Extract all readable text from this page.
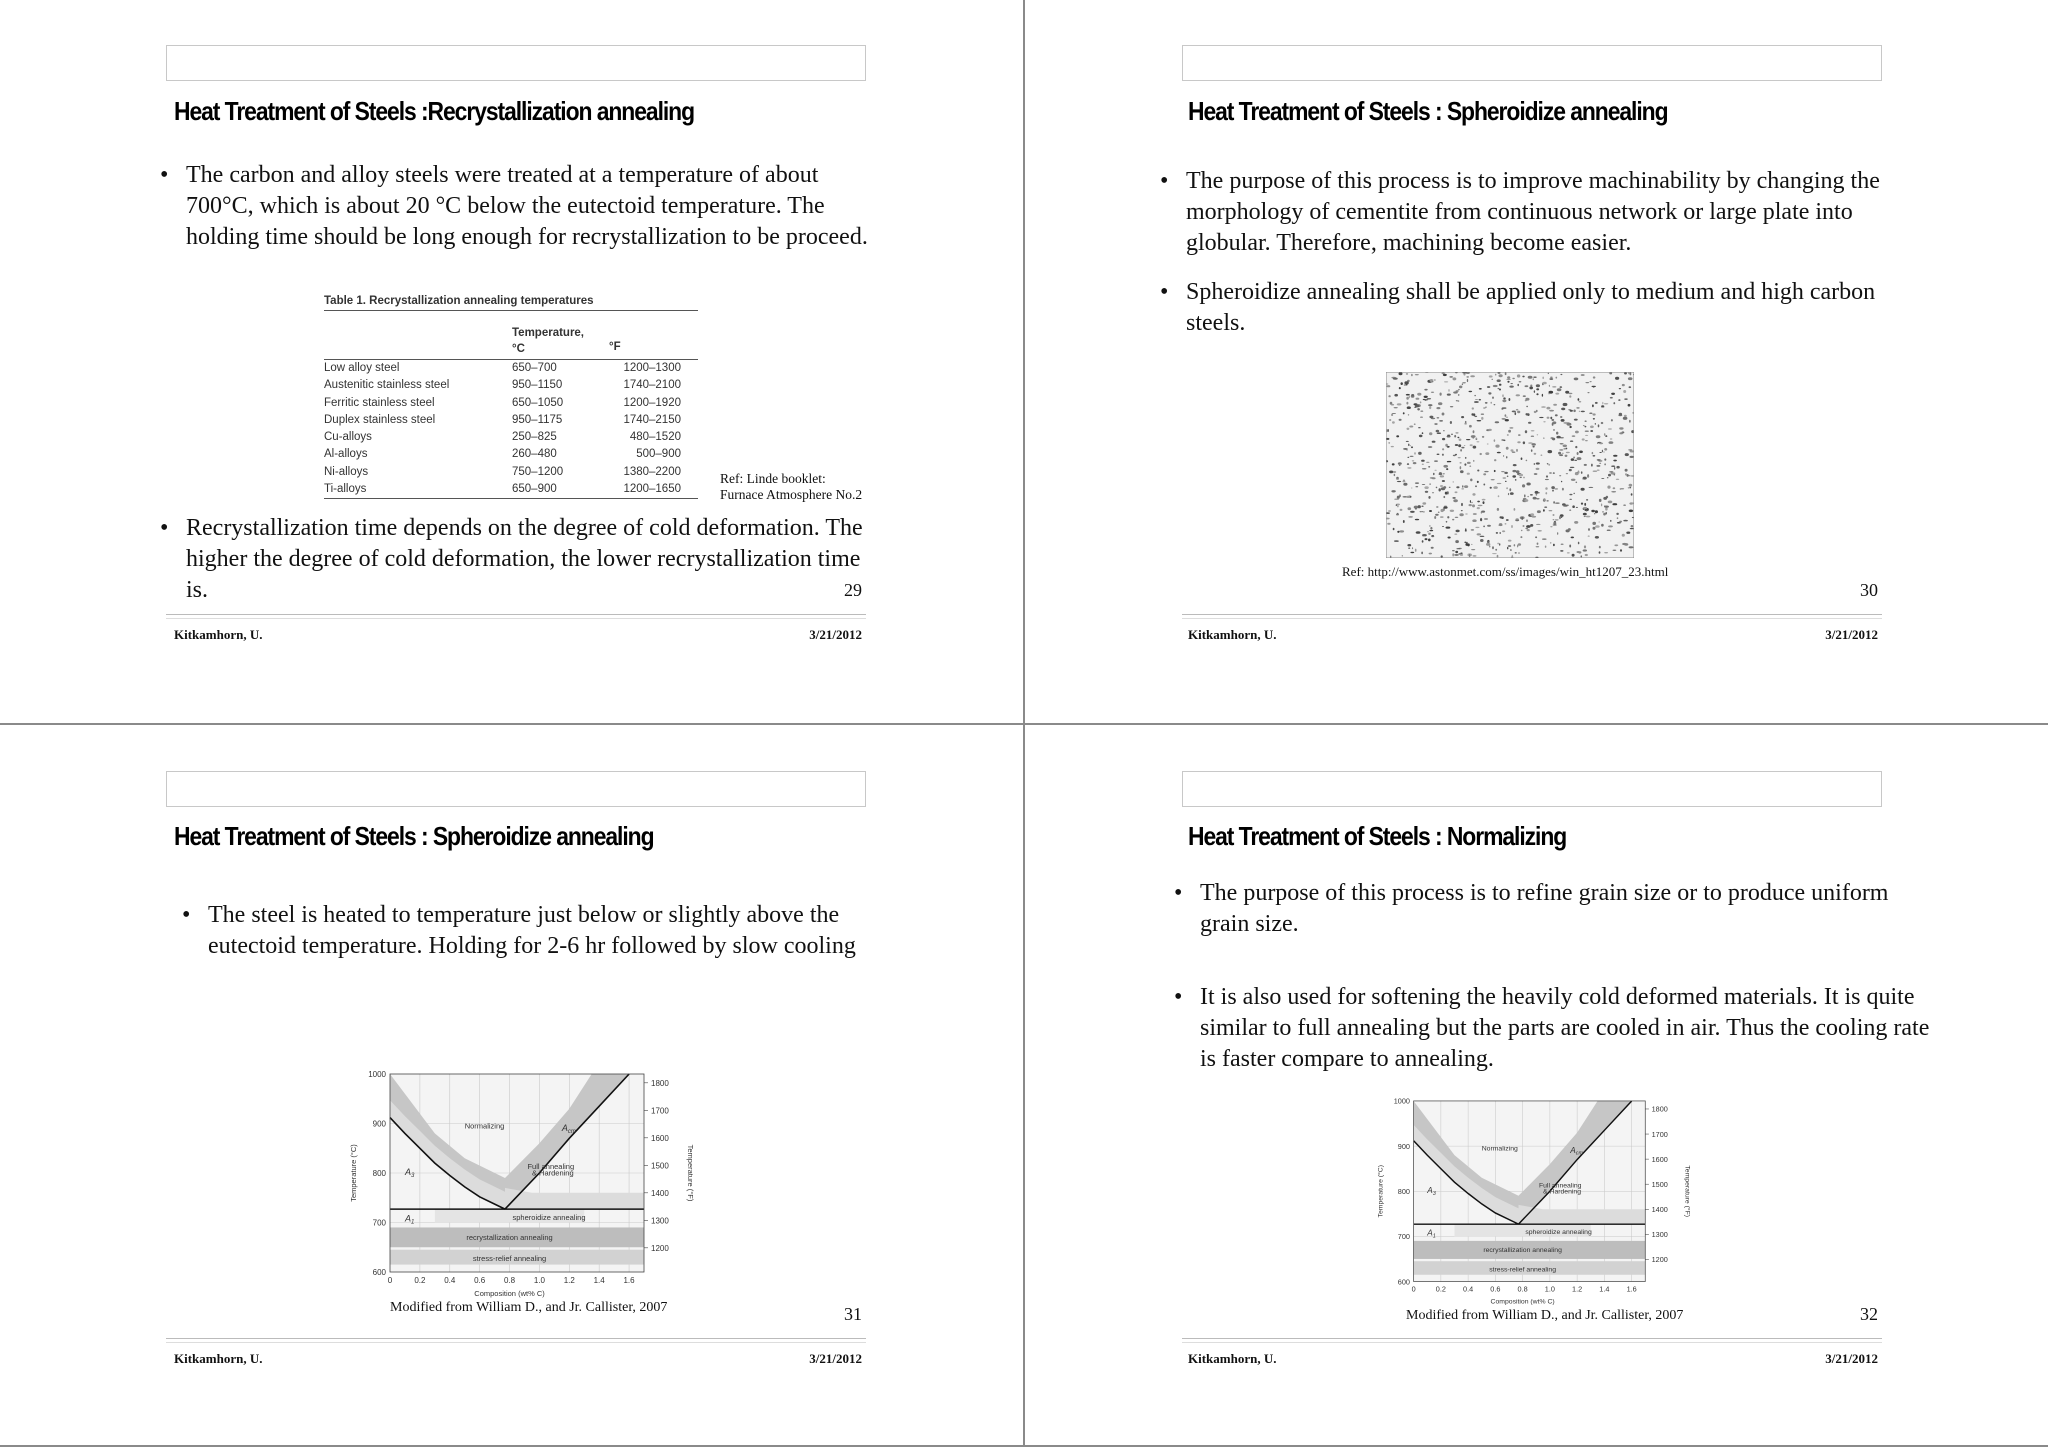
Heat Treatment of Steels :Recrystallization annealing
• The carbon and alloy steels were treated at a temperature of about 700°C, which is about 20 °C below the eutectoid temperature. The holding time should be long enough for recrystallization to be proceed.
• Recrystallization time depends on the degree of cold deformation. The higher the degree of cold deformation, the lower recrystallization time is.
Table 1. Recrystallization annealing temperatures
Temperature,
°C	°F
Low alloy steel	650–700	1200–1300
Austenitic stainless steel	950–1150	1740–2100
Ferritic stainless steel	650–1050	1200–1920
Duplex stainless steel	950–1175	1740–2150
Cu-alloys	250–825	480–1520
Al-alloys	260–480	500–900
Ni-alloys	750–1200	1380–2200
Ti-alloys	650–900	1200–1650
Ref: Linde booklet:
Furnace Atmosphere No.2
29
Kitkamhorn, U.	3/21/2012
Heat Treatment of Steels : Spheroidize annealing
• The purpose of this process is to improve machinability by changing the morphology of cementite from continuous network or large plate into globular. Therefore, machining become easier.
• Spheroidize annealing shall be applied only to medium and high carbon steels.
Ref: http://www.astonmet.com/ss/images/win_ht1207_23.html
30
Kitkamhorn, U.	3/21/2012
Heat Treatment of Steels : Spheroidize annealing
• The steel is heated to temperature just below or slightly above the eutectoid temperature. Holding for 2-6 hr followed by slow cooling
Modified from William D., and Jr. Callister, 2007	31
Kitkamhorn, U.	3/21/2012
Heat Treatment of Steels : Normalizing
• The purpose of this process is to refine grain size or to produce uniform grain size.
• It is also used for softening the heavily cold deformed materials. It is quite similar to full annealing but the parts are cooled in air. Thus the cooling rate is faster compare to annealing.
Modified from William D., and Jr. Callister, 2007	32
Kitkamhorn, U.	3/21/2012
1000
900
800
700
600
1800
1700
1600
1500
1400
1300
1200
0	0.2 0.4 0.6 0.8 1.0 1.2 1.4 1.6
Temperature (°C)	Temperature (°F)
Composition (wt% C)
Normalizing	$A_{cm}$
Full annealing
& Hardening
$A_3$
$A_1$
spheroidize annealing
recrystallization annealing
stress-relief annealing
1000
900
800
700
600
1800
1700
1600
1500
1400
1300
1200
0	0.2 0.4 0.6 0.8 1.0 1.2 1.4 1.6
Temperature (°C)	Temperature (°F)
Composition (wt% C)
Normalizing	$A_{cm}$
Full annealing
& Hardening
$A_3$
$A_1$
spheroidize annealing
recrystallization annealing
stress-relief annealing
